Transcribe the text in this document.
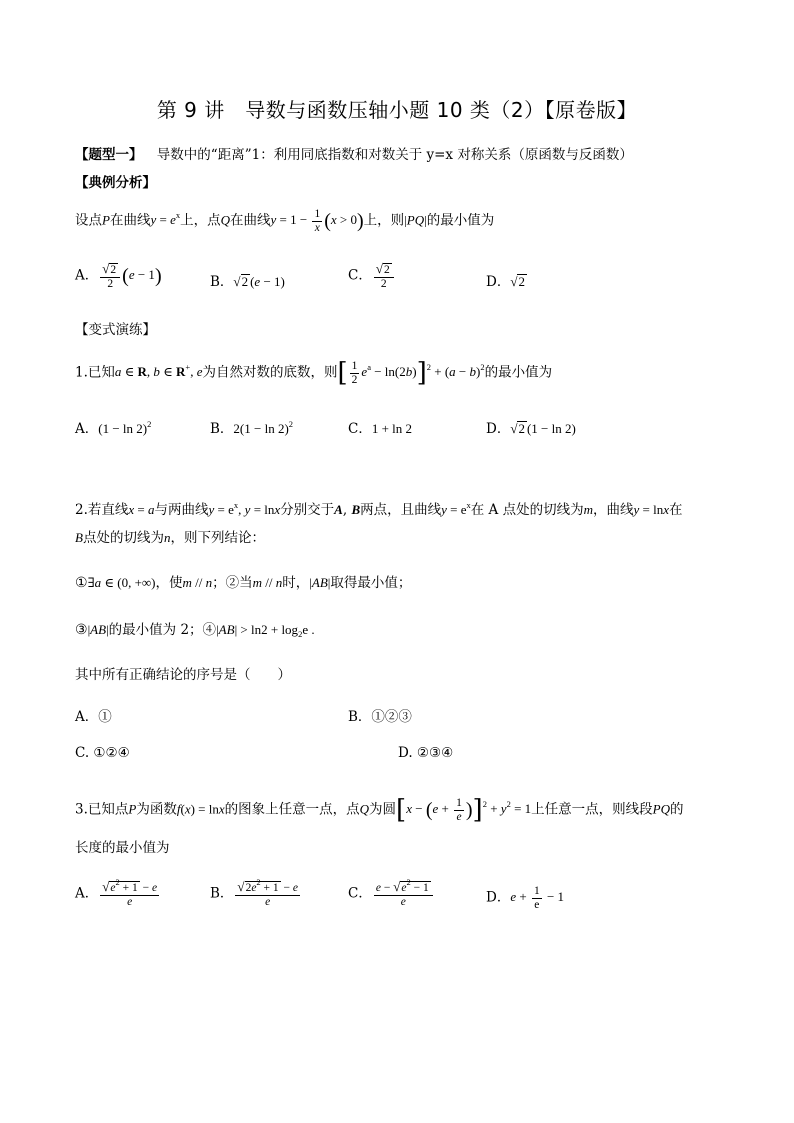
第 9 讲　导数与函数压轴小题 10 类（2）【原卷版】
【题型一】 导数中的“距离”1：利用同底指数和对数关于 y=x 对称关系（原函数与反函数）
【典例分析】
设点P在曲线$y = e^x$上，点Q在曲线$y = 1 - \frac{1}{x} (x > 0)$上，则|PQ|的最小值为
A． $\frac{√2}{2} (e - 1)$	B．√2 (e − 1)	C． $\frac{√2}{2}$	D．√2
【变式演练】
1.已知a ∈ R, b ∈ R+, e为自然对数的底数，则[ $\frac{1}{2} e^a - \ln(2b)]^2 + (a - b)^2$的最小值为
A．$(1 - \ln 2)^2$	B．$2(1 - \ln 2)^2$	C．1 + ln 2	D．√2 (1 − ln 2)
2.若直线x = a与两曲线$y = e^x$, y = lnx分别交于A, B两点，且曲线$y = e^x$在 A 点处的切线为m，曲线y = lnx在
B点处的切线为n，则下列结论：
①∃a ∈ (0, +∞)，使m // n；②当m // n时，|AB|取得最小值；
③|AB|的最小值为 2；④|AB| > $\ln 2 + \log_2e$ .
其中所有正确结论的序号是（　　）
A．①	B．①②③
C. ①②④	D. ②③④
3.已知点P为函数f(x) = lnx的图象上任意一点，点Q为圆$[x - (e + \frac{1}{e} )]^2 + y^2 = 1$上任意一点，则线段PQ的
长度的最小值为
A． $\frac{√e^2 + 1 - e}{e}$	B． $\frac{√2e^2 + 1 - e}{e}$	C． $\frac{e - √e^2 - 1}{e}$	D．$e + \frac{1}{e} - 1$
